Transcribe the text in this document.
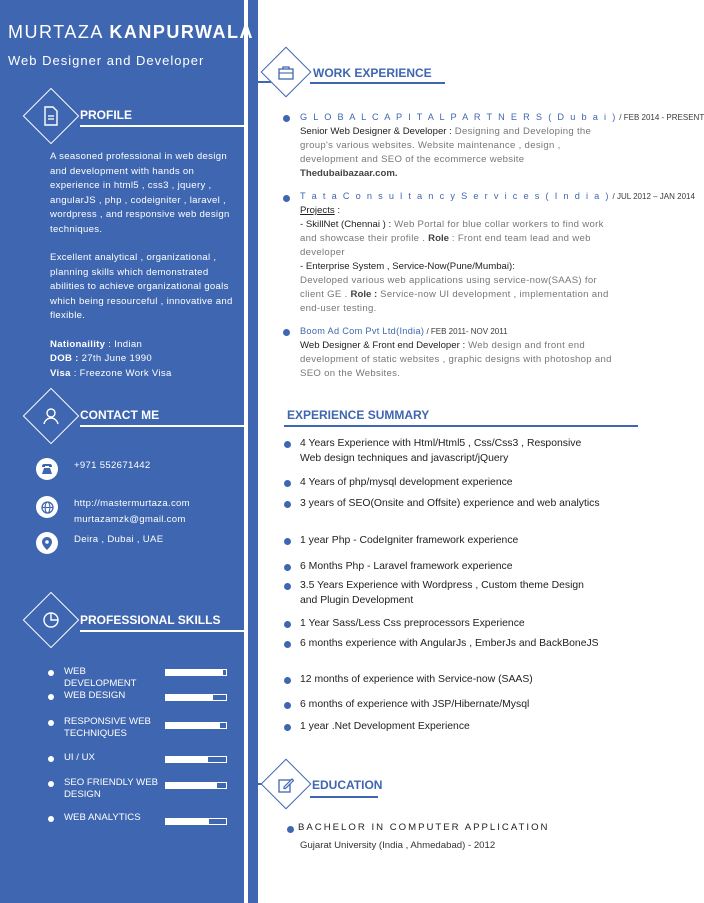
MURTAZA KANPURWALA
Web Designer and Developer
PROFILE

A seasoned professional in web design and development with hands on experience in html5 , css3 , jquery , angularJS , php , codeigniter , laravel , wordpress , and responsive web design techniques.

Excellent analytical , organizational , planning skills which demonstrated abilities to achieve organizational goals which being resourceful , innovative and flexible.

Nationaility : Indian
DOB : 27th June 1990
Visa : Freezone Work Visa
CONTACT ME
+971 552671442
http://mastermurtaza.com
murtazamzk@gmail.com
Deira , Dubai , UAE
PROFESSIONAL SKILLS
WEB DEVELOPMENT
WEB DESIGN
RESPONSIVE WEB TECHNIQUES
UI / UX
SEO FRIENDLY WEB DESIGN
WEB ANALYTICS
WORK EXPERIENCE
G L O B A L C A P I T A L P A R T N E R S ( D u b a i ) / FEB 2014 - PRESENT
Senior Web Designer & Developer : Designing and Developing the group's various websites. Website maintenance , design , development and SEO of the ecommerce website
Thedubaibazaar.com.
T a t a C o n s u l t a n c y S e r v i c e s ( I n d i a ) / JUL 2012 – JAN 2014
Projects :
- SkillNet (Chennai ) : Web Portal for blue collar workers to find work and showcase their profile . Role : Front end team lead and web developer
- Enterprise System , Service-Now(Pune/Mumbai):
Developed various web applications using service-now(SAAS) for client GE . Role : Service-now UI development , implementation and end-user testing.
Boom Ad Com Pvt Ltd(India) / FEB 2011- NOV 2011
Web Designer & Front end Developer : Web design and front end development of static websites , graphic designs with photoshop and SEO on the Websites.
EXPERIENCE SUMMARY
4 Years Experience with Html/Html5 , Css/Css3 , Responsive Web design techniques and javascript/jQuery
4 Years of php/mysql development experience
3 years of SEO(Onsite and Offsite) experience and web analytics
1 year Php - CodeIgniter framework experience
6 Months Php - Laravel framework experience
3.5 Years Experience with Wordpress , Custom theme Design and Plugin Development
1 Year Sass/Less Css preprocessors Experience
6 months experience with AngularJs , EmberJs and BackBoneJS
12 months of experience with Service-now (SAAS)
6 months of experience with JSP/Hibernate/Mysql
1 year .Net Development Experience
EDUCATION
BACHELOR IN COMPUTER APPLICATION
Gujarat University (India , Ahmedabad) - 2012
